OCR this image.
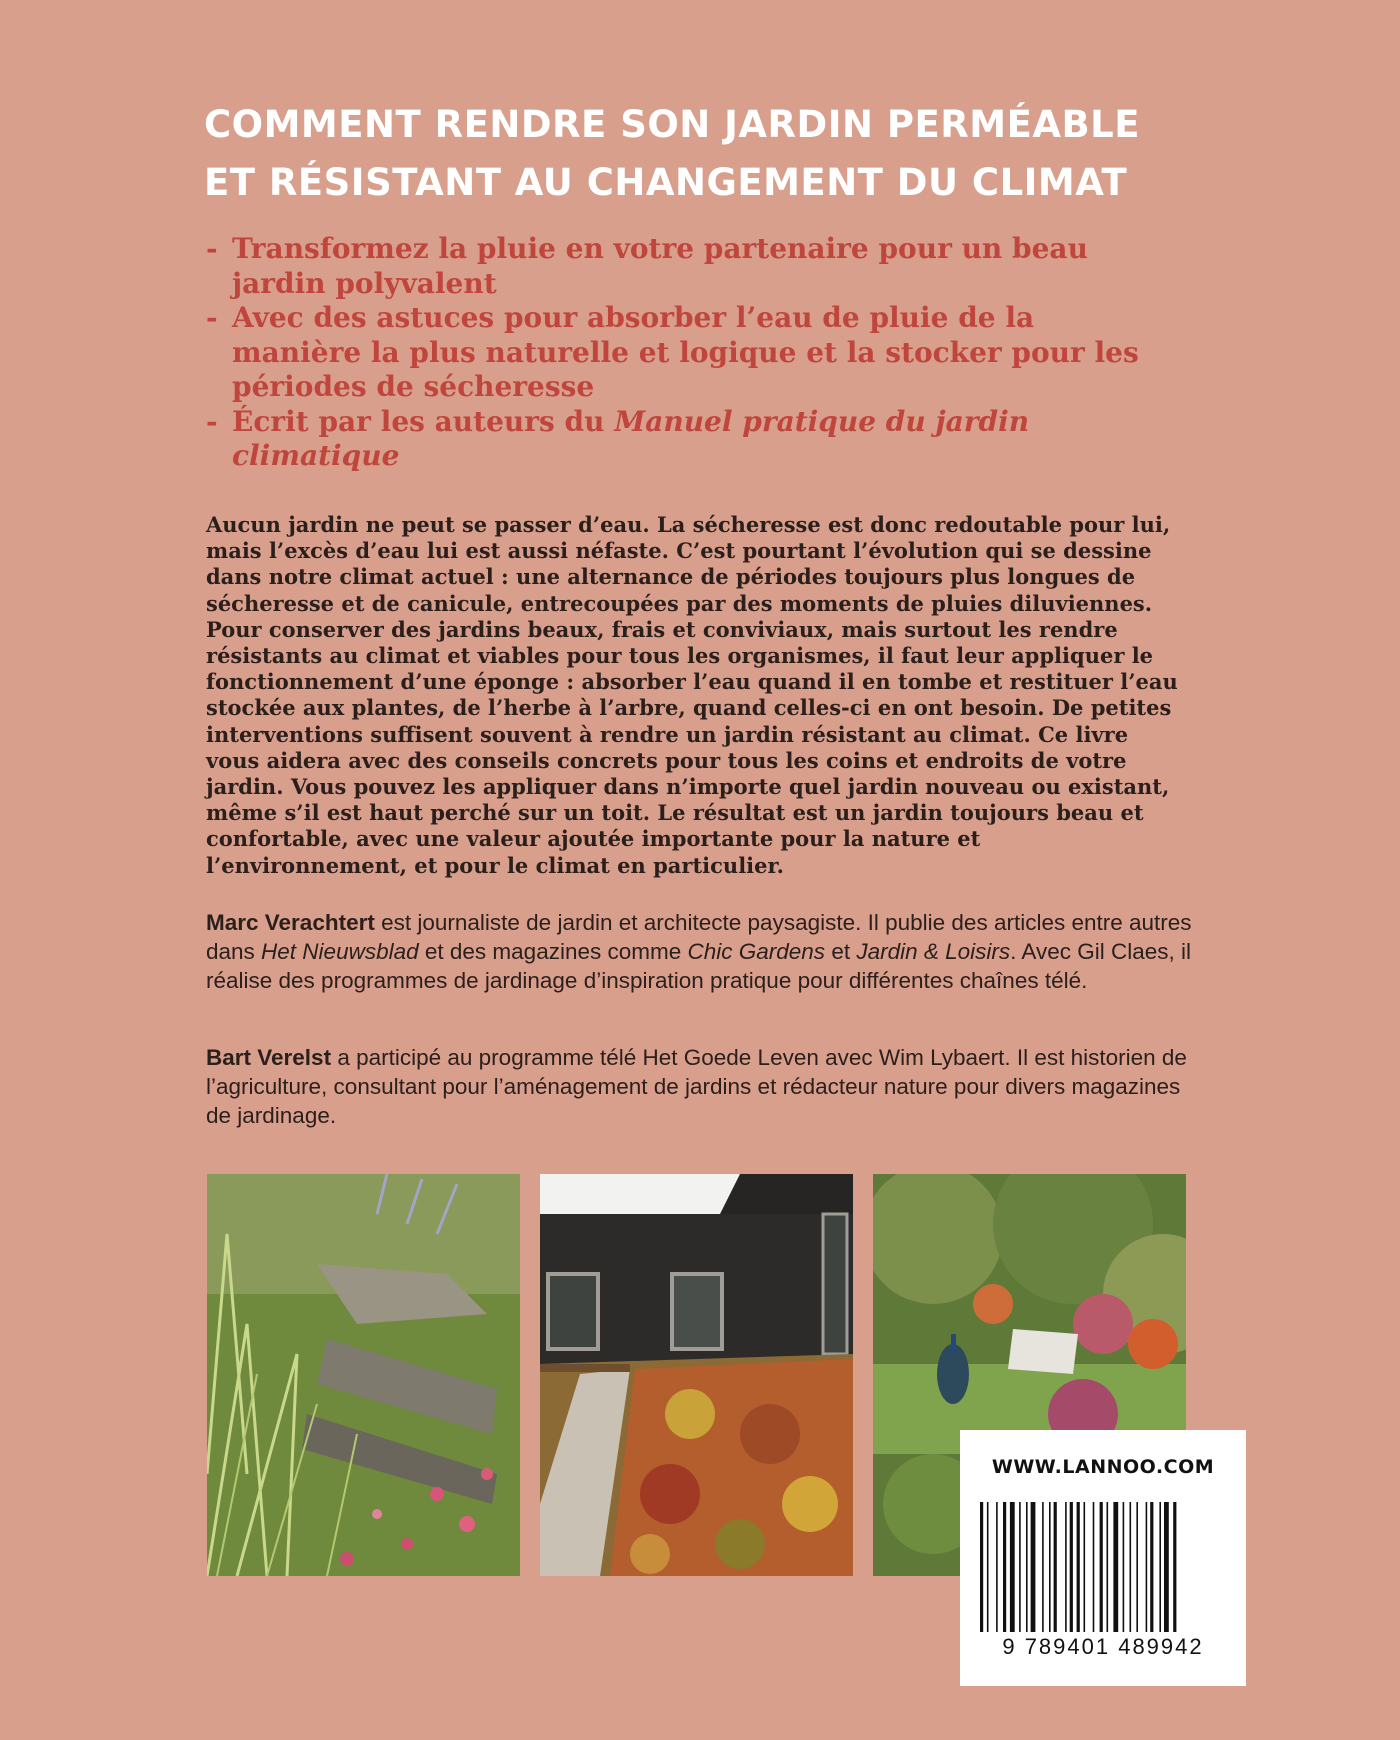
COMMENT RENDRE SON JARDIN PERMÉABLE
ET RÉSISTANT AU CHANGEMENT DU CLIMAT
- Transformez la pluie en votre partenaire pour un beau jardin polyvalent
- Avec des astuces pour absorber l’eau de pluie de la manière la plus naturelle et logique et la stocker pour les périodes de sécheresse
- Écrit par les auteurs du Manuel pratique du jardin climatique

Aucun jardin ne peut se passer d’eau. La sécheresse est donc redoutable pour lui, mais l’excès d’eau lui est aussi néfaste. C’est pourtant l’évolution qui se dessine dans notre climat actuel : une alternance de périodes toujours plus longues de sécheresse et de canicule, entrecoupées par des moments de pluies diluviennes. Pour conserver des jardins beaux, frais et conviviaux, mais surtout les rendre résistants au climat et viables pour tous les organismes, il faut leur appliquer le fonctionnement d’une éponge : absorber l’eau quand il en tombe et restituer l’eau stockée aux plantes, de l’herbe à l’arbre, quand celles-ci en ont besoin. De petites interventions suffisent souvent à rendre un jardin résistant au climat. Ce livre vous aidera avec des conseils concrets pour tous les coins et endroits de votre jardin. Vous pouvez les appliquer dans n’importe quel jardin nouveau ou existant, même s’il est haut perché sur un toit. Le résultat est un jardin toujours beau et confortable, avec une valeur ajoutée importante pour la nature et l’environnement, et pour le climat en particulier.

Marc Verachtert est journaliste de jardin et architecte paysagiste. Il publie des articles entre autres dans Het Nieuwsblad et des magazines comme Chic Gardens et Jardin & Loisirs. Avec Gil Claes, il réalise des programmes de jardinage d’inspiration pratique pour différentes chaînes télé.

Bart Verelst a participé au programme télé Het Goede Leven avec Wim Lybaert. Il est historien de l’agriculture, consultant pour l’aménagement de jardins et rédacteur nature pour divers magazines de jardinage.

WWW.LANNOO.COM
9 789401 489942
